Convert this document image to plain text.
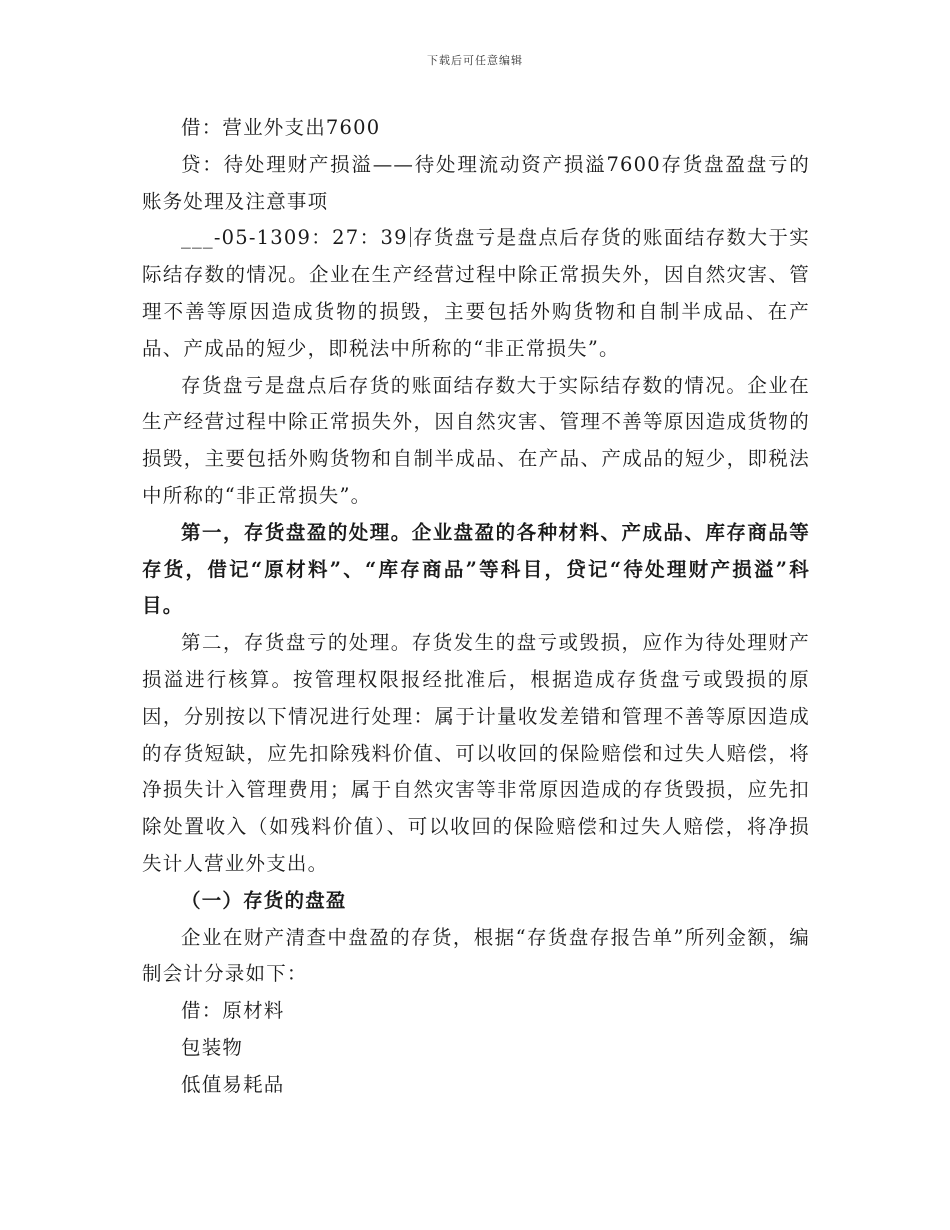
下载后可任意编辑

借：营业外支出7600

贷：待处理财产损溢——待处理流动资产损溢7600存货盘盈盘亏的账务处理及注意事项

___-05-1309：27：39 存货盘亏是盘点后存货的账面结存数大于实际结存数的情况。企业在生产经营过程中除正常损失外，因自然灾害、管理不善等原因造成货物的损毁，主要包括外购货物和自制半成品、在产品、产成品的短少，即税法中所称的“非正常损失”。

存货盘亏是盘点后存货的账面结存数大于实际结存数的情况。企业在生产经营过程中除正常损失外，因自然灾害、管理不善等原因造成货物的损毁，主要包括外购货物和自制半成品、在产品、产成品的短少，即税法中所称的“非正常损失”。

第一，存货盘盈的处理。企业盘盈的各种材料、产成品、库存商品等存货，借记“原材料”、“库存商品”等科目，贷记“待处理财产损溢”科目。

第二，存货盘亏的处理。存货发生的盘亏或毁损，应作为待处理财产损溢进行核算。按管理权限报经批准后，根据造成存货盘亏或毁损的原因，分别按以下情况进行处理：属于计量收发差错和管理不善等原因造成的存货短缺，应先扣除残料价值、可以收回的保险赔偿和过失人赔偿，将净损失计入管理费用；属于自然灾害等非常原因造成的存货毁损，应先扣除处置收入（如残料价值）、可以收回的保险赔偿和过失人赔偿，将净损失计人营业外支出。

（一）存货的盘盈

企业在财产清查中盘盈的存货，根据“存货盘存报告单”所列金额，编制会计分录如下：

借：原材料

包装物

低值易耗品
